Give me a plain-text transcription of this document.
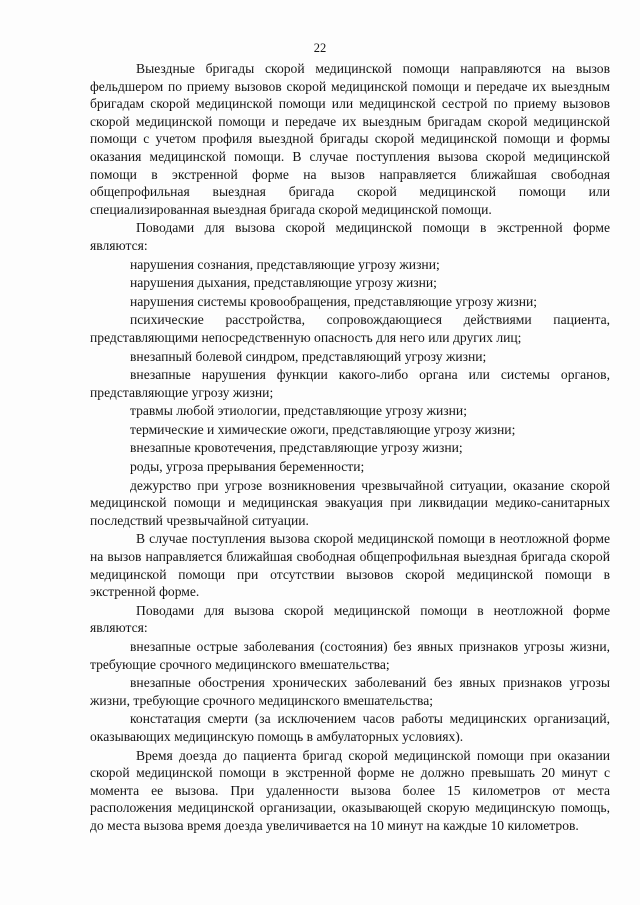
22

Выездные бригады скорой медицинской помощи направляются на вызов фельдшером по приему вызовов скорой медицинской помощи и передаче их выездным бригадам скорой медицинской помощи или медицинской сестрой по приему вызовов скорой медицинской помощи и передаче их выездным бригадам скорой медицинской помощи с учетом профиля выездной бригады скорой медицинской помощи и формы оказания медицинской помощи. В случае поступления вызова скорой медицинской помощи в экстренной форме на вызов направляется ближайшая свободная общепрофильная выездная бригада скорой медицинской помощи или специализированная выездная бригада скорой медицинской помощи.

Поводами для вызова скорой медицинской помощи в экстренной форме являются:

нарушения сознания, представляющие угрозу жизни;

нарушения дыхания, представляющие угрозу жизни;

нарушения системы кровообращения, представляющие угрозу жизни;

психические расстройства, сопровождающиеся действиями пациента, представляющими непосредственную опасность для него или других лиц;

внезапный болевой синдром, представляющий угрозу жизни;

внезапные нарушения функции какого-либо органа или системы органов, представляющие угрозу жизни;

травмы любой этиологии, представляющие угрозу жизни;

термические и химические ожоги, представляющие угрозу жизни;

внезапные кровотечения, представляющие угрозу жизни;

роды, угроза прерывания беременности;

дежурство при угрозе возникновения чрезвычайной ситуации, оказание скорой медицинской помощи и медицинская эвакуация при ликвидации медико-санитарных последствий чрезвычайной ситуации.

В случае поступления вызова скорой медицинской помощи в неотложной форме на вызов направляется ближайшая свободная общепрофильная выездная бригада скорой медицинской помощи при отсутствии вызовов скорой медицинской помощи в экстренной форме.

Поводами для вызова скорой медицинской помощи в неотложной форме являются:

внезапные острые заболевания (состояния) без явных признаков угрозы жизни, требующие срочного медицинского вмешательства;

внезапные обострения хронических заболеваний без явных признаков угрозы жизни, требующие срочного медицинского вмешательства;

констатация смерти (за исключением часов работы медицинских организаций, оказывающих медицинскую помощь в амбулаторных условиях).

Время доезда до пациента бригад скорой медицинской помощи при оказании скорой медицинской помощи в экстренной форме не должно превышать 20 минут с момента ее вызова. При удаленности вызова более 15 километров от места расположения медицинской организации, оказывающей скорую медицинскую помощь, до места вызова время доезда увеличивается на 10 минут на каждые 10 километров.
